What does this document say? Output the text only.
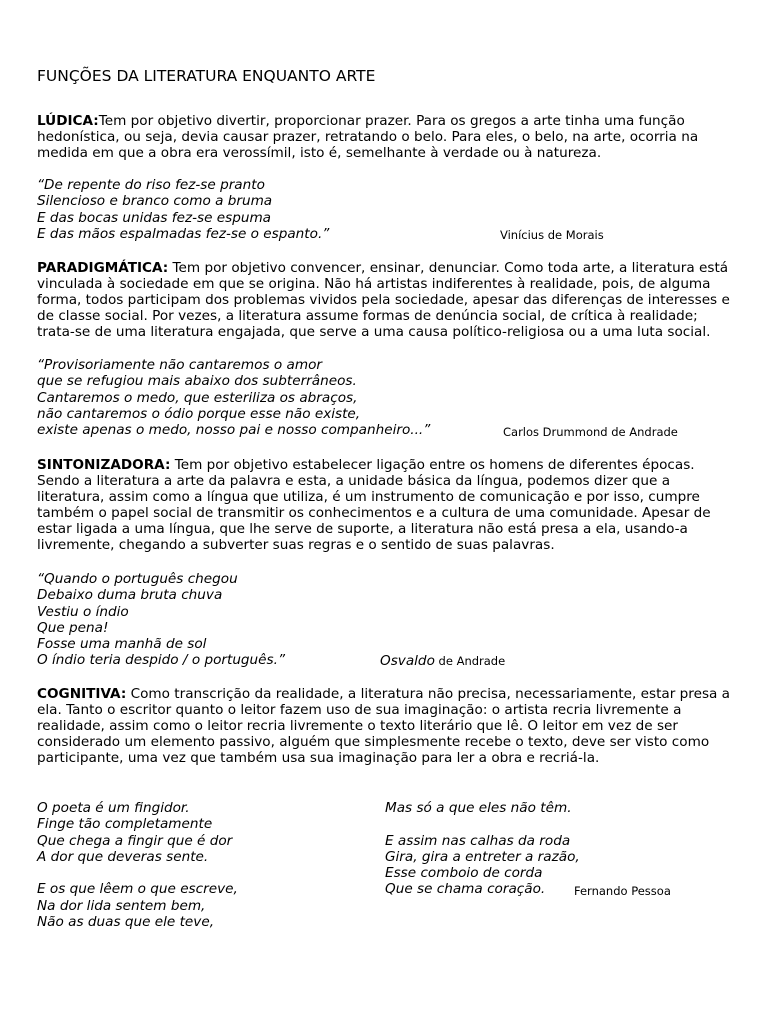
FUNÇÕES DA LITERATURA ENQUANTO ARTE
LÚDICA:Tem por objetivo divertir, proporcionar prazer. Para os gregos a arte tinha uma função hedonística, ou seja, devia causar prazer, retratando o belo. Para eles, o belo, na arte, ocorria na medida em que a obra era verossímil, isto é, semelhante à verdade ou à natureza.
“De repente do riso fez-se pranto
Silencioso e branco como a bruma
E das bocas unidas fez-se espuma
E das mãos espalmadas fez-se o espanto.”	Vinícius de Morais
PARADIGMÁTICA: Tem por objetivo convencer, ensinar, denunciar. Como toda arte, a literatura está vinculada à sociedade em que se origina. Não há artistas indiferentes à realidade, pois, de alguma forma, todos participam dos problemas vividos pela sociedade, apesar das diferenças de interesses e de classe social. Por vezes, a literatura assume formas de denúncia social, de crítica à realidade; trata-se de uma literatura engajada, que serve a uma causa político-religiosa ou a uma luta social.
“Provisoriamente não cantaremos o amor
que se refugiou mais abaixo dos subterrâneos.
Cantaremos o medo, que esteriliza os abraços,
não cantaremos o ódio porque esse não existe,
existe apenas o medo, nosso pai e nosso companheiro...”	Carlos Drummond de Andrade
SINTONIZADORA: Tem por objetivo estabelecer ligação entre os homens de diferentes épocas. Sendo a literatura a arte da palavra e esta, a unidade básica da língua, podemos dizer que a literatura, assim como a língua que utiliza, é um instrumento de comunicação e por isso, cumpre também o papel social de transmitir os conhecimentos e a cultura de uma comunidade. Apesar de estar ligada a uma língua, que lhe serve de suporte, a literatura não está presa a ela, usando-a livremente, chegando a subverter suas regras e o sentido de suas palavras.
“Quando o português chegou
Debaixo duma bruta chuva
Vestiu o índio
Que pena!
Fosse uma manhã de sol
O índio teria despido / o português.”	Osvaldo de Andrade
COGNITIVA: Como transcrição da realidade, a literatura não precisa, necessariamente, estar presa a ela. Tanto o escritor quanto o leitor fazem uso de sua imaginação: o artista recria livremente a realidade, assim como o leitor recria livremente o texto literário que lê. O leitor em vez de ser considerado um elemento passivo, alguém que simplesmente recebe o texto, deve ser visto como participante, uma vez que também usa sua imaginação para ler a obra e recriá-la.
O poeta é um fingidor.
Finge tão completamente
Que chega a fingir que é dor
A dor que deveras sente.
E os que lêem o que escreve,
Na dor lida sentem bem,
Não as duas que ele teve,
Mas só a que eles não têm.
E assim nas calhas da roda
Gira, gira a entreter a razão,
Esse comboio de corda
Que se chama coração.	Fernando Pessoa
